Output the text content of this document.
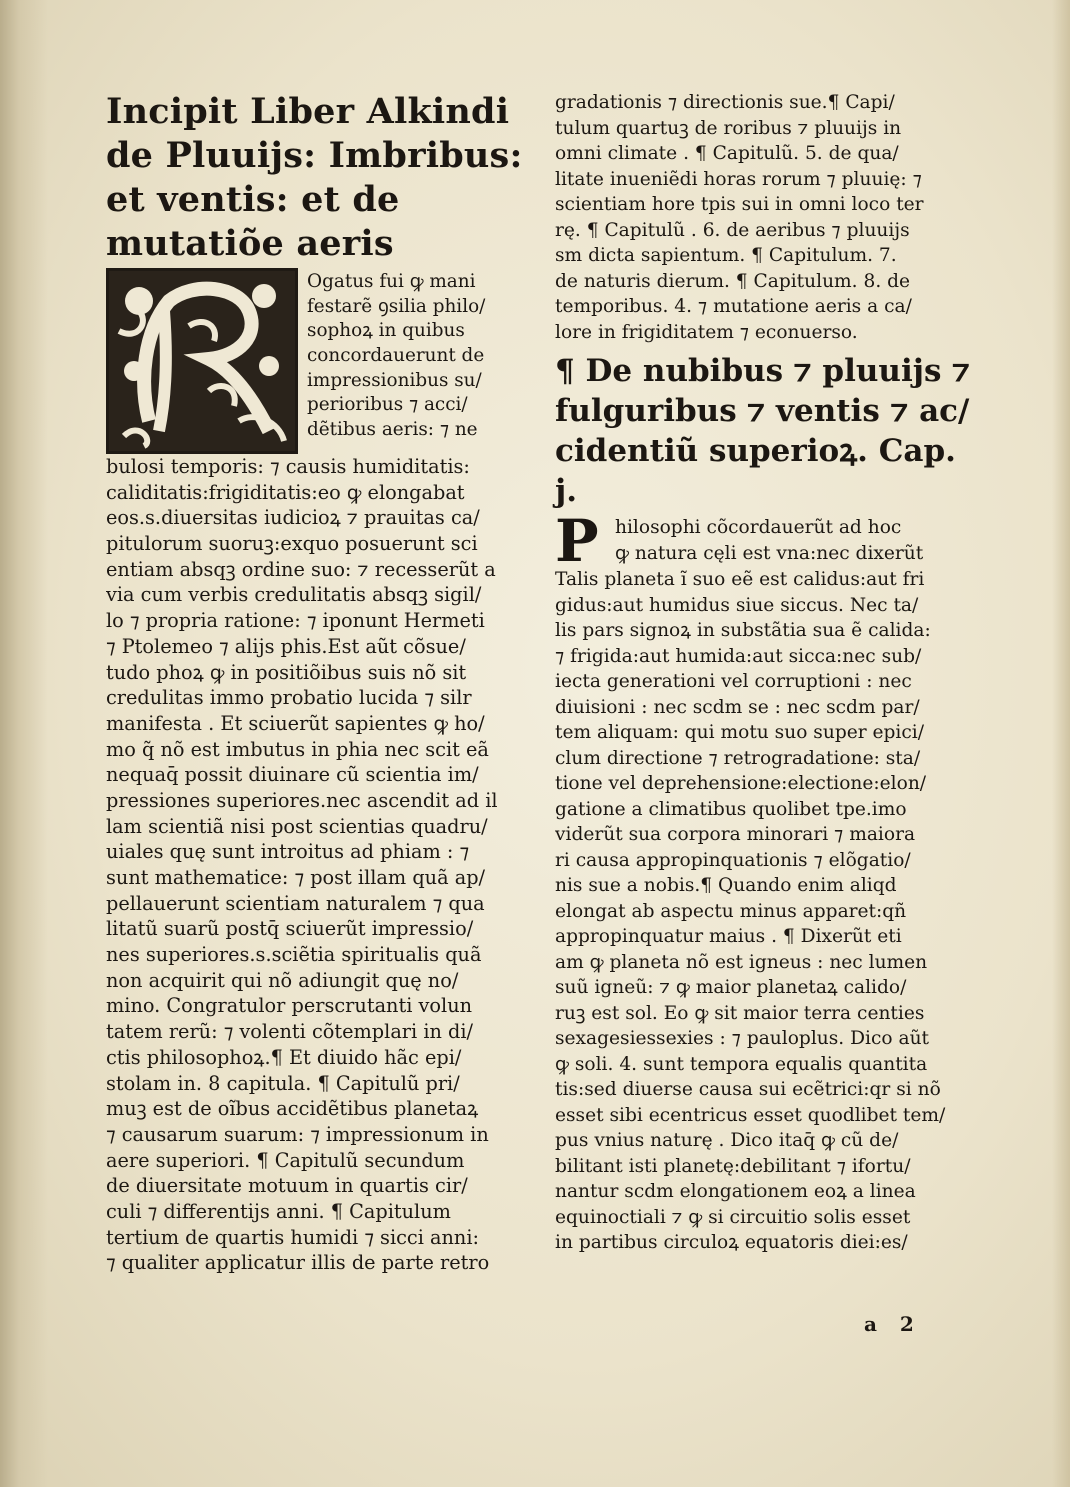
Incipit Liber Alkindi de Pluuijs: Imbribus: et ventis: et de mutatiõe aeris
Ogatus fui ꝙ mani
festarẽ ꝯsilia philo/
sophoꝝ in quibus
concordauerunt de
impressionibus su/
perioribus ⁊ acci/
dẽtibus aeris: ⁊ ne
bulosi temporis: ⁊ causis humiditatis:
caliditatis:frigiditatis:eo ꝙ elongabat
eos.s.diuersitas iudicioꝝ ⁊ prauitas ca/
pitulorum suoruꝫ:exquo posuerunt sci
entiam absqꝫ ordine suo: ⁊ recesserũt a
via cum verbis credulitatis absqꝫ sigil/
lo ⁊ propria ratione: ⁊ iponunt Hermeti
⁊ Ptolemeo ⁊ alijs phis.Est aũt cõsue/
tudo phoꝝ ꝙ in positiõibus suis nõ sit
credulitas immo probatio lucida ⁊ silr
manifesta . Et sciuerũt sapientes ꝙ ho/
mo q̃ nõ est imbutus in phia nec scit eã
nequaq̄ possit diuinare cũ scientia im/
pressiones superiores.nec ascendit ad il
lam scientiã nisi post scientias quadru/
uiales quę sunt introitus ad phiam : ⁊
sunt mathematice: ⁊ post illam quã ap/
pellauerunt scientiam naturalem ⁊ qua
litatũ suarũ postq̄ sciuerũt impressio/
nes superiores.s.sciẽtia spiritualis quã
non acquirit qui nõ adiungit quę no/
mino. Congratulor perscrutanti volun
tatem rerũ: ⁊ volenti cõtemplari in di/
ctis philosophoꝝ.¶ Et diuido hãc epi/
stolam in. 8 capitula. ¶ Capitulũ pri/
muꝫ est de oĩbus accidẽtibus planetaꝝ
⁊ causarum suarum: ⁊ impressionum in
aere superiori. ¶ Capitulũ secundum
de diuersitate motuum in quartis cir/
culi ⁊ differentijs anni. ¶ Capitulum
tertium de quartis humidi ⁊ sicci anni:
⁊ qualiter applicatur illis de parte retro
gradationis ⁊ directionis sue.¶ Capi/
tulum quartuꝫ de roribus ⁊ pluuijs in
omni climate . ¶ Capitulũ. 5. de qua/
litate inueniẽdi horas rorum ⁊ pluuię: ⁊
scientiam hore tpis sui in omni loco ter
rę. ¶ Capitulũ . 6. de aeribus ⁊ pluuijs
sm dicta sapientum. ¶ Capitulum. 7.
de naturis dierum. ¶ Capitulum. 8. de
temporibus. 4. ⁊ mutatione aeris a ca/
lore in frigiditatem ⁊ econuerso.
¶ De nubibus ⁊ pluuijs ⁊ fulguribus ⁊ ventis ⁊ ac/ cidentiũ superioꝝ. Cap. j.
P hilosophi cõcordauerũt ad hoc
ꝙ natura cęli est vna:nec dixerũt
Talis planeta ĩ suo eẽ est calidus:aut fri
gidus:aut humidus siue siccus. Nec ta/
lis pars signoꝝ in substãtia sua ẽ calida:
⁊ frigida:aut humida:aut sicca:nec sub/
iecta generationi vel corruptioni : nec
diuisioni : nec scdm se : nec scdm par/
tem aliquam: qui motu suo super epici/
clum directione ⁊ retrogradatione: sta/
tione vel deprehensione:electione:elon/
gatione a climatibus quolibet tpe.imo
viderũt sua corpora minorari ⁊ maiora
ri causa appropinquationis ⁊ elõgatio/
nis sue a nobis.¶ Quando enim aliqd
elongat ab aspectu minus apparet:qñ
appropinquatur maius . ¶ Dixerũt eti
am ꝙ planeta nõ est igneus : nec lumen
suũ igneũ: ⁊ ꝙ maior planetaꝝ calido/
ruꝫ est sol. Eo ꝙ sit maior terra centies
sexagesiessexies : ⁊ pauloplus. Dico aũt
ꝙ soli. 4. sunt tempora equalis quantita
tis:sed diuerse causa sui ecẽtrici:qr si nõ
esset sibi ecentricus esset quodlibet tem/
pus vnius naturę . Dico itaq̄ ꝙ cũ de/
bilitant isti planetę:debilitant ⁊ ifortu/
nantur scdm elongationem eoꝝ a linea
equinoctiali ⁊ ꝙ si circuitio solis esset
in partibus circuloꝝ equatoris diei:es/
a 2
